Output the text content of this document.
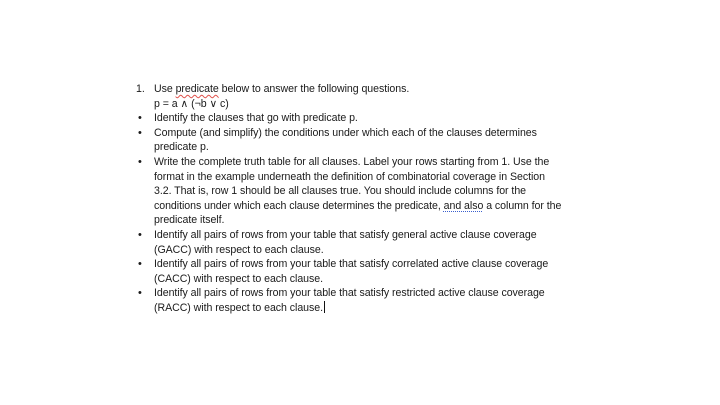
1. Use predicate below to answer the following questions.
p = a ∧ (¬b ∨ c)
•	Identify the clauses that go with predicate p.
•	Compute (and simplify) the conditions under which each of the clauses determines
predicate p.
•	Write the complete truth table for all clauses. Label your rows starting from 1. Use the
format in the example underneath the definition of combinatorial coverage in Section
3.2. That is, row 1 should be all clauses true. You should include columns for the
conditions under which each clause determines the predicate, and also a column for the
predicate itself.
•	Identify all pairs of rows from your table that satisfy general active clause coverage
(GACC) with respect to each clause.
•	Identify all pairs of rows from your table that satisfy correlated active clause coverage
(CACC) with respect to each clause.
•	Identify all pairs of rows from your table that satisfy restricted active clause coverage
(RACC) with respect to each clause.
